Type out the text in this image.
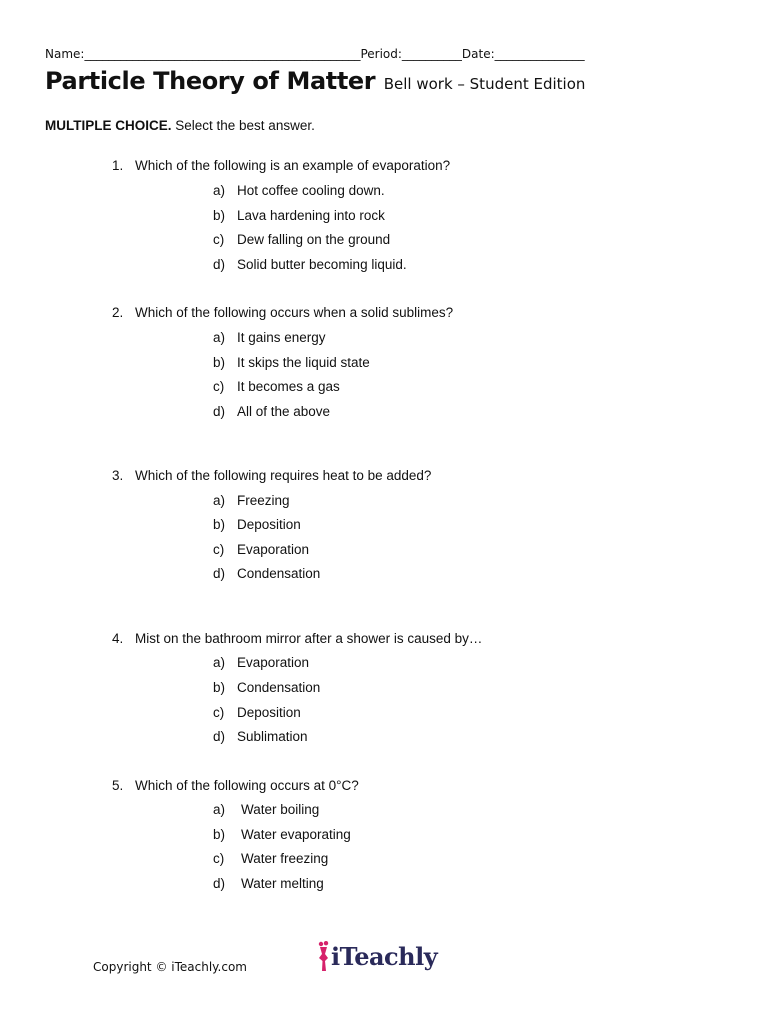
Name:______________________________________________Period:__________Date:_______________
Particle Theory of Matter Bell work – Student Edition
MULTIPLE CHOICE. Select the best answer.
1. Which of the following is an example of evaporation?
a) Hot coffee cooling down.
b) Lava hardening into rock
c) Dew falling on the ground
d) Solid butter becoming liquid.
2. Which of the following occurs when a solid sublimes?
a) It gains energy
b) It skips the liquid state
c) It becomes a gas
d) All of the above
3. Which of the following requires heat to be added?
a) Freezing
b) Deposition
c) Evaporation
d) Condensation
4. Mist on the bathroom mirror after a shower is caused by…
a) Evaporation
b) Condensation
c) Deposition
d) Sublimation
5. Which of the following occurs at 0°C?
a) Water boiling
b) Water evaporating
c) Water freezing
d) Water melting
Copyright © iTeachly.com	iTeachly
